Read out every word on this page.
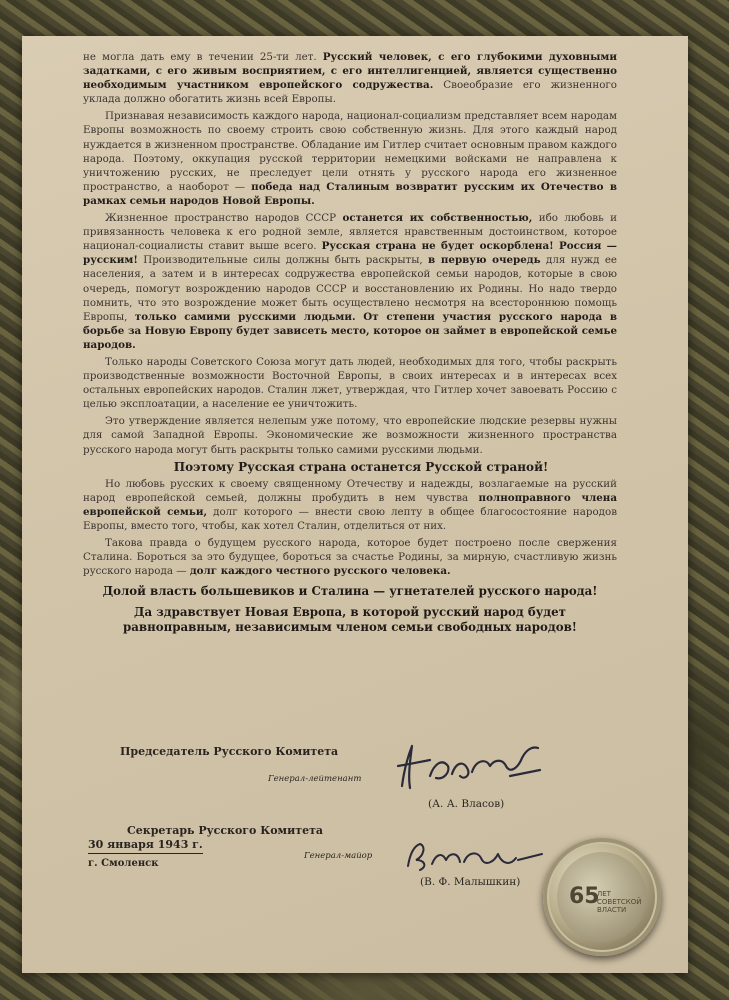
не могла дать ему в течении 25-ти лет. Русский человек, с его глубокими духовными задатками, с его живым восприятием, с его интеллигенцией, является существенно необходимым участником европейского содружества. Своеобразие его жизненного уклада должно обогатить жизнь всей Европы.

Признавая независимость каждого народа, национал-социализм представляет всем народам Европы возможность по своему строить свою собственную жизнь. Для этого каждый народ нуждается в жизненном пространстве. Обладание им Гитлер считает основным правом каждого народа. Поэтому, оккупация русской территории немецкими войсками не направлена к уничтожению русских, не преследует цели отнять у русского народа его жизненное пространство, а наоборот — победа над Сталиным возвратит русским их Отечество в рамках семьи народов Новой Европы.

Жизненное пространство народов СССР останется их собственностью, ибо любовь и привязанность человека к его родной земле, является нравственным достоинством, которое национал-социалисты ставит выше всего. Русская страна не будет оскорблена! Россия — русским! Производительные силы должны быть раскрыты, в первую очередь для нужд ее населения, а затем и в интересах содружества европейской семьи народов, которые в свою очередь, помогут возрождению народов СССР и восстановлению их Родины. Но надо твердо помнить, что это возрождение может быть осуществлено несмотря на всестороннюю помощь Европы, только самими русскими людьми. От степени участия русского народа в борьбе за Новую Европу будет зависеть место, которое он займет в европейской семье народов.

Только народы Советского Союза могут дать людей, необходимых для того, чтобы раскрыть производственные возможности Восточной Европы, в своих интересах и в интересах всех остальных европейских народов. Сталин лжет, утверждая, что Гитлер хочет завоевать Россию с целью эксплоатации, а население ее уничтожить.

Это утверждение является нелепым уже потому, что европейские людские резервы нужны для самой Западной Европы. Экономические же возможности жизненного пространства русского народа могут быть раскрыты только самими русскими людьми.

Поэтому Русская страна останется Русской страной!

Но любовь русских к своему священному Отечеству и надежды, возлагаемые на русский народ европейской семьей, должны пробудить в нем чувства полноправного члена европейской семьи, долг которого — внести свою лепту в общее благосостояние народов Европы, вместо того, чтобы, как хотел Сталин, отделиться от них.

Такова правда о будущем русского народа, которое будет построено после свержения Сталина. Бороться за это будущее, бороться за счастье Родины, за мирную, счастливую жизнь русского народа — долг каждого честного русского человека.

Долой власть большевиков и Сталина — угнетателей русского народа!
Да здравствует Новая Европа, в которой русский народ будет равноправным, независимым членом семьи свободных народов!
Председатель Русского Комитета
Генерал-лейтенант
(А. А. Власов)
Секретарь Русского Комитета
Генерал-майор
(В. Ф. Малышкин)
30 января 1943 г.
г. Смоленск
65
ЛЕТ СОВЕТСКОЙ ВЛАСТИ
